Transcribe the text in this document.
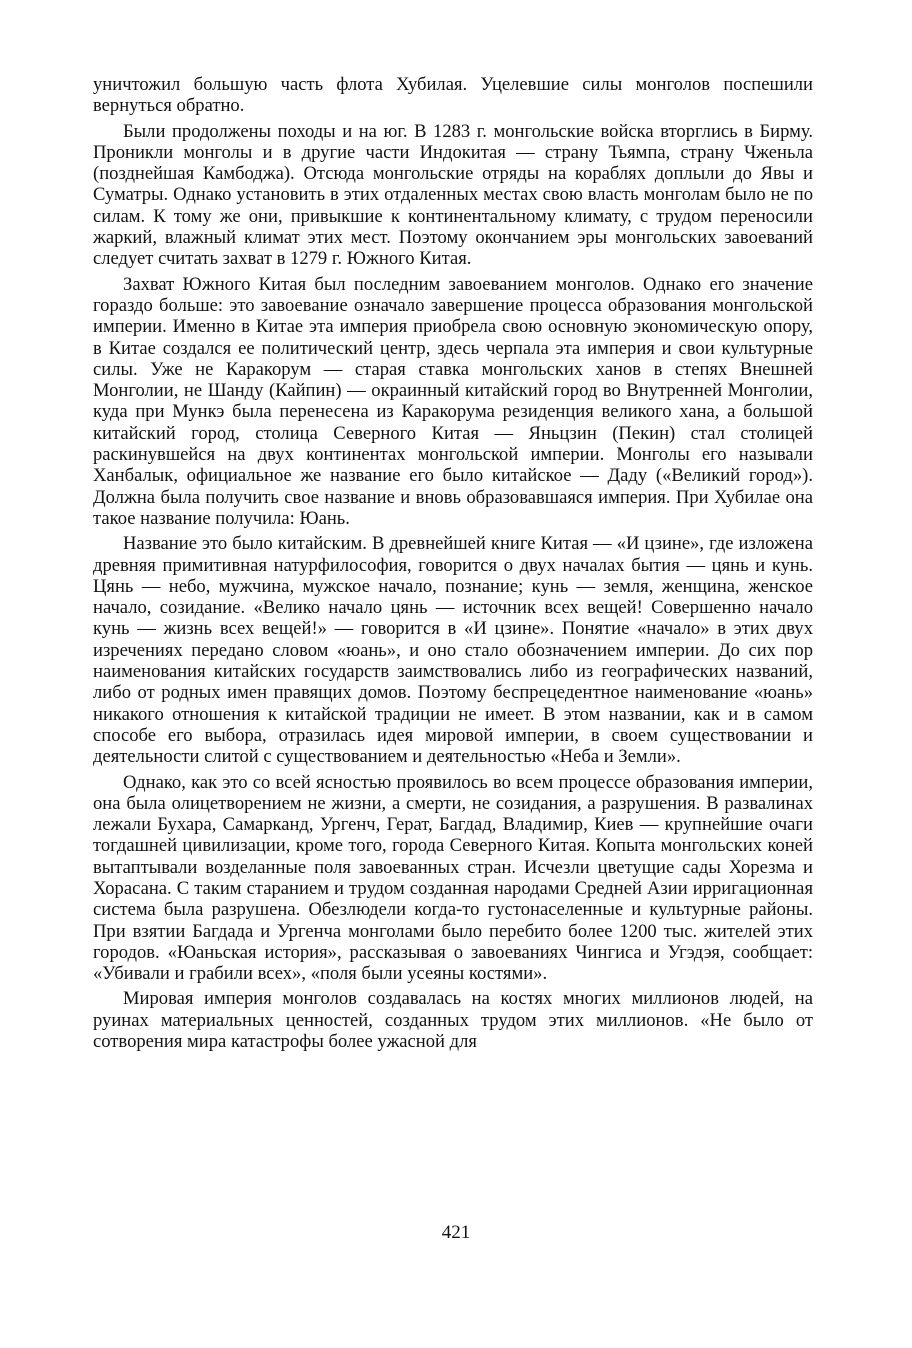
уничтожил большую часть флота Хубилая. Уцелевшие силы монголов поспешили вернуться обратно.

Были продолжены походы и на юг. В 1283 г. монгольские войска вторглись в Бирму. Проникли монголы и в другие части Индокитая — страну Тьямпа, страну Чженьла (позднейшая Камбоджа). Отсюда монгольские отряды на кораблях доплыли до Явы и Суматры. Однако установить в этих отдаленных местах свою власть монголам было не по силам. К тому же они, привыкшие к континентальному климату, с трудом переносили жаркий, влажный климат этих мест. Поэтому окончанием эры монгольских завоеваний следует считать захват в 1279 г. Южного Китая.

Захват Южного Китая был последним завоеванием монголов. Однако его значение гораздо больше: это завоевание означало завершение процесса образования монгольской империи. Именно в Китае эта империя приобрела свою основную экономическую опору, в Китае создался ее политический центр, здесь черпала эта империя и свои культурные силы. Уже не Каракорум — старая ставка монгольских ханов в степях Внешней Монголии, не Шанду (Кайпин) — окраинный китайский город во Внутренней Монголии, куда при Мункэ была перенесена из Каракорума резиденция великого хана, а большой китайский город, столица Северного Китая — Яньцзин (Пекин) стал столицей раскинувшейся на двух континентах монгольской империи. Монголы его называли Ханбалык, официальное же название его было китайское — Даду («Великий город»). Должна была получить свое название и вновь образовавшаяся империя. При Хубилае она такое название получила: Юань.

Название это было китайским. В древнейшей книге Китая — «И цзине», где изложена древняя примитивная натурфилософия, говорится о двух началах бытия — цянь и кунь. Цянь — небо, мужчина, мужское начало, познание; кунь — земля, женщина, женское начало, созидание. «Велико начало цянь — источник всех вещей! Совершенно начало кунь — жизнь всех вещей!» — говорится в «И цзине». Понятие «начало» в этих двух изречениях передано словом «юань», и оно стало обозначением империи. До сих пор наименования китайских государств заимствовались либо из географических названий, либо от родных имен правящих домов. Поэтому беспрецедентное наименование «юань» никакого отношения к китайской традиции не имеет. В этом названии, как и в самом способе его выбора, отразилась идея мировой империи, в своем существовании и деятельности слитой с существованием и деятельностью «Неба и Земли».

Однако, как это со всей ясностью проявилось во всем процессе образования империи, она была олицетворением не жизни, а смерти, не созидания, а разрушения. В развалинах лежали Бухара, Самарканд, Ургенч, Герат, Багдад, Владимир, Киев — крупнейшие очаги тогдашней цивилизации, кроме того, города Северного Китая. Копыта монгольских коней вытаптывали возделанные поля завоеванных стран. Исчезли цветущие сады Хорезма и Хорасана. С таким старанием и трудом созданная народами Средней Азии ирригационная система была разрушена. Обезлюдели когда-то густонаселенные и культурные районы. При взятии Багдада и Ургенча монголами было перебито более 1200 тыс. жителей этих городов. «Юаньская история», рассказывая о завоеваниях Чингиса и Угэдэя, сообщает: «Убивали и грабили всех», «поля были усеяны костями».

Мировая империя монголов создавалась на костях многих миллионов людей, на руинах материальных ценностей, созданных трудом этих миллионов. «Не было от сотворения мира катастрофы более ужасной для

421
